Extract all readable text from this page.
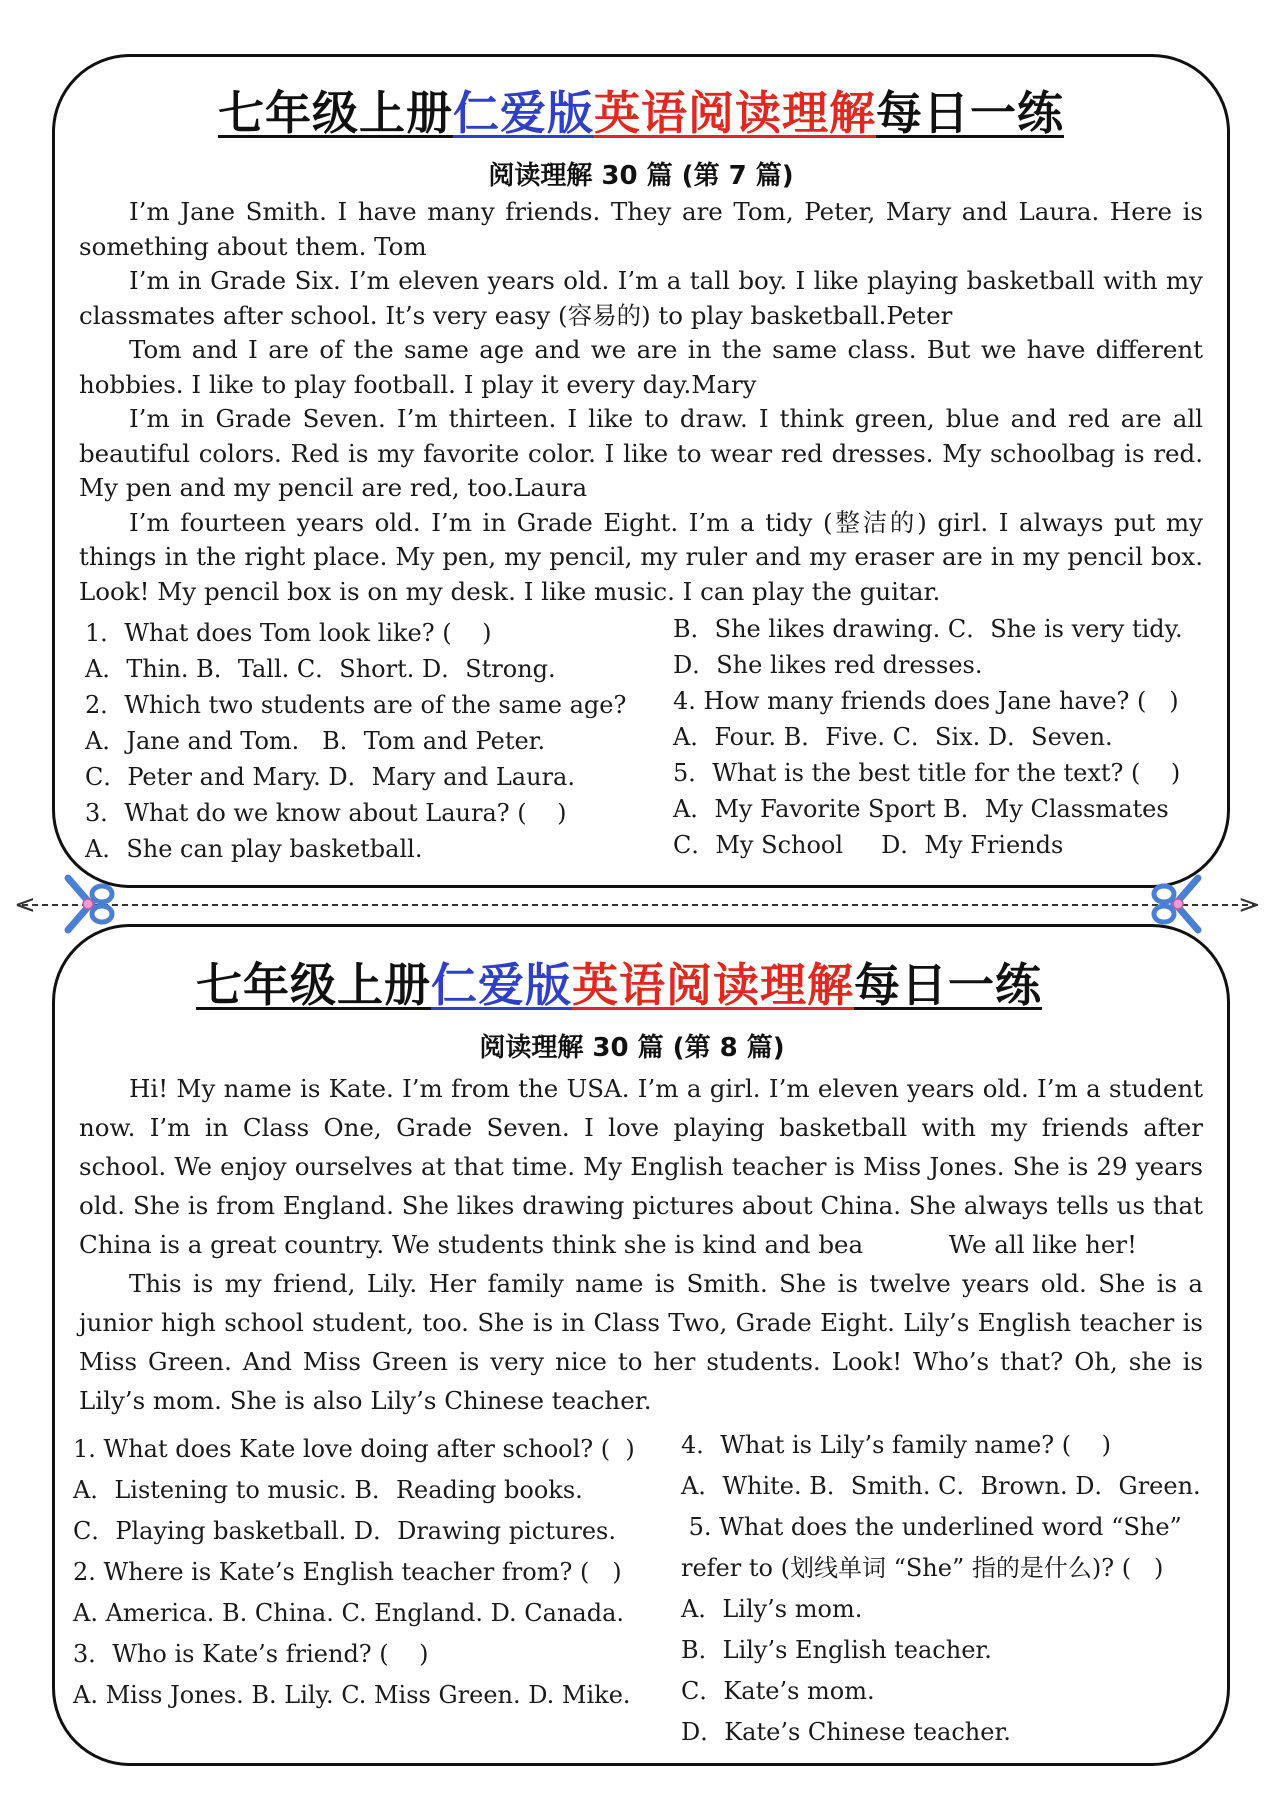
七年级上册仁爱版英语阅读理解每日一练
阅读理解 30 篇 (第 7 篇)

I’m Jane Smith. I have many friends. They are Tom, Peter, Mary and Laura. Here is something about them. Tom

I’m in Grade Six. I’m eleven years old. I’m a tall boy. I like playing basketball with my classmates after school. It’s very easy (容易的) to play basketball.Peter

Tom and I are of the same age and we are in the same class. But we have different hobbies. I like to play football. I play it every day.Mary

I’m in Grade Seven. I’m thirteen. I like to draw. I think green, blue and red are all beautiful colors. Red is my favorite color. I like to wear red dresses. My schoolbag is red. My pen and my pencil are red, too.Laura

I’m fourteen years old. I’m in Grade Eight. I’m a tidy (整洁的) girl. I always put my things in the right place. My pen, my pencil, my ruler and my eraser are in my pencil box. Look! My pencil box is on my desk. I like music. I can play the guitar.

1．What does Tom look like? (    )
A．Thin. B．Tall. C．Short. D．Strong.
2．Which two students are of the same age?
A．Jane and Tom.   B．Tom and Peter.
C．Peter and Mary. D．Mary and Laura.
3．What do we know about Laura? (    )
A．She can play basketball.
B．She likes drawing. C．She is very tidy.
D．She likes red dresses.
4. How many friends does Jane have? (   )
A．Four. B．Five. C．Six. D．Seven.
5．What is the best title for the text? (    )
A．My Favorite Sport B．My Classmates
C．My School     D．My Friends
<	>
七年级上册仁爱版英语阅读理解每日一练
阅读理解 30 篇 (第 8 篇)

Hi! My name is Kate. I’m from the USA. I’m a girl. I’m eleven years old. I’m a student now. I’m in Class One, Grade Seven. I love playing basketball with my friends after school. We enjoy ourselves at that time. My English teacher is Miss Jones. She is 29 years old. She is from England. She likes drawing pictures about China. She always tells us that China is a great country. We students think she is kind and bea           We all like her!

This is my friend, Lily. Her family name is Smith. She is twelve years old. She is a junior high school student, too. She is in Class Two, Grade Eight. Lily’s English teacher is Miss Green. And Miss Green is very nice to her students. Look! Who’s that? Oh, she is Lily’s mom. She is also Lily’s Chinese teacher.

1. What does Kate love doing after school? (  )
A．Listening to music. B．Reading books.
C．Playing basketball. D．Drawing pictures.
2. Where is Kate’s English teacher from? (   )
A. America. B. China. C. England. D. Canada.
3．Who is Kate’s friend? (    )
A. Miss Jones. B. Lily. C. Miss Green. D. Mike.
4．What is Lily’s family name? (    )
A．White. B．Smith. C．Brown. D．Green.
5. What does the underlined word “She”
refer to (划线单词 “She” 指的是什么)? (   )
A．Lily’s mom.
B．Lily’s English teacher.
C．Kate’s mom.
D．Kate’s Chinese teacher.
